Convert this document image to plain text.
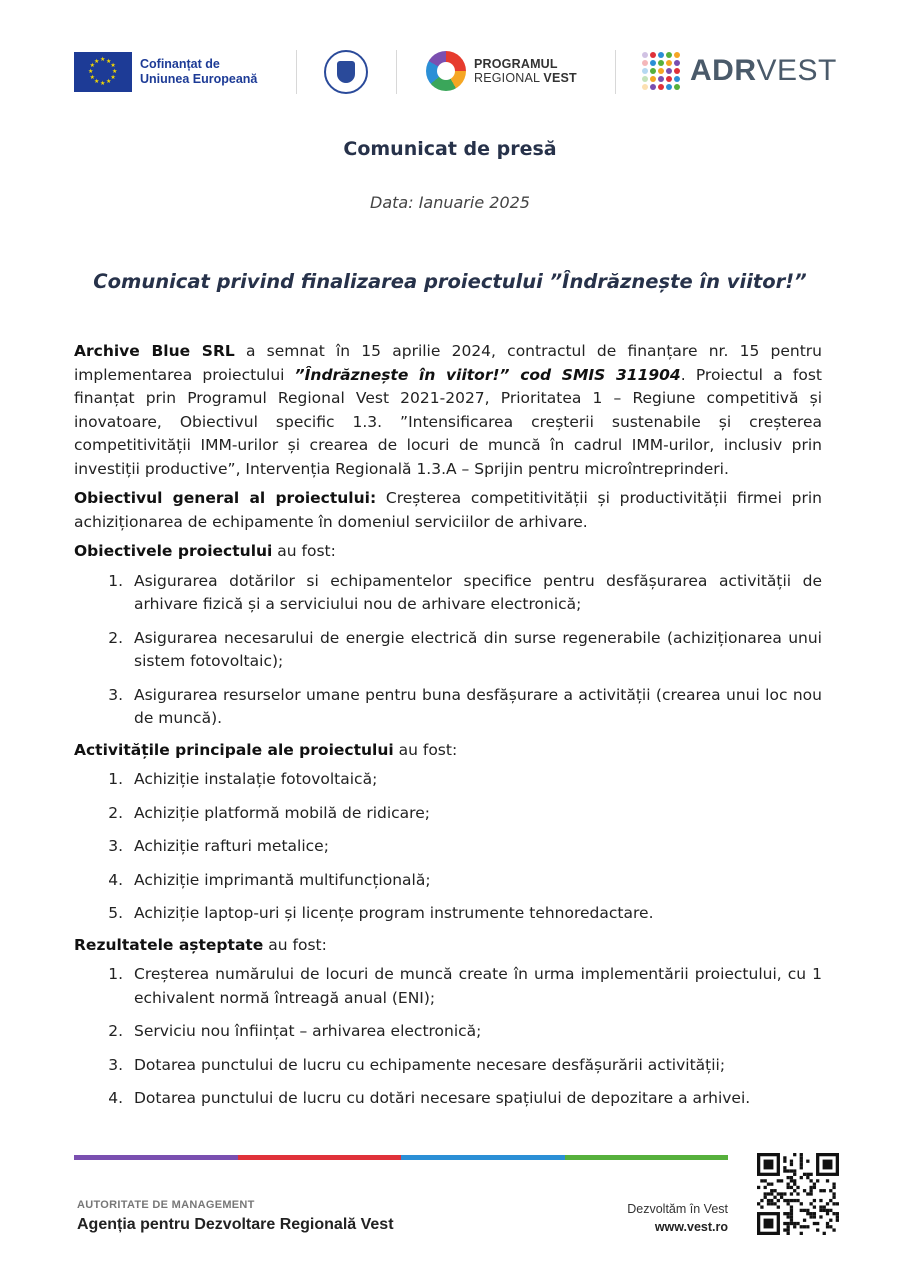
★
★
★
★
★
★
★
★
★ ★ ★
★ Cofinanțat de
Uniunea Europeană
PROGRAMUL
REGIONAL VEST	ADRVEST
Comunicat de presă
Data: Ianuarie 2025
Comunicat privind finalizarea proiectului ”Îndrăznește în viitor!”

Archive Blue SRL a semnat în 15 aprilie 2024, contractul de finanțare nr. 15 pentru implementarea proiectului ”Îndrăznește în viitor!” cod SMIS 311904. Proiectul a fost finanțat prin Programul Regional Vest 2021-2027, Prioritatea 1 – Regiune competitivă și inovatoare, Obiectivul specific 1.3. ”Intensificarea creșterii sustenabile și creșterea competitivității IMM-urilor și crearea de locuri de muncă în cadrul IMM-urilor, inclusiv prin investiții productive”, Intervenția Regională 1.3.A – Sprijin pentru microîntreprinderi.

Obiectivul general al proiectului: Creșterea competitivității și productivității firmei prin achiziționarea de echipamente în domeniul serviciilor de arhivare.

Obiectivele proiectului au fost:

1. Asigurarea dotărilor si echipamentelor specifice pentru desfășurarea activității de arhivare fizică și a serviciului nou de arhivare electronică;
2. Asigurarea necesarului de energie electrică din surse regenerabile (achiziționarea unui sistem fotovoltaic);
3. Asigurarea resurselor umane pentru buna desfășurare a activității (crearea unui loc nou de muncă).

Activitățile principale ale proiectului au fost:

1. Achiziție instalație fotovoltaică;
2. Achiziție platformă mobilă de ridicare;
3. Achiziție rafturi metalice;
4. Achiziție imprimantă multifuncțională;
5. Achiziție laptop-uri și licențe program instrumente tehnoredactare.

Rezultatele așteptate au fost:

1. Creșterea numărului de locuri de muncă create în urma implementării proiectului, cu 1 echivalent normă întreagă anual (ENI);
2. Serviciu nou înființat – arhivarea electronică;
3. Dotarea punctului de lucru cu echipamente necesare desfășurării activității;
4. Dotarea punctului de lucru cu dotări necesare spațiului de depozitare a arhivei.
AUTORITATE DE MANAGEMENT
Agenția pentru Dezvoltare Regională Vest
Dezvoltăm în Vest
www.vest.ro
